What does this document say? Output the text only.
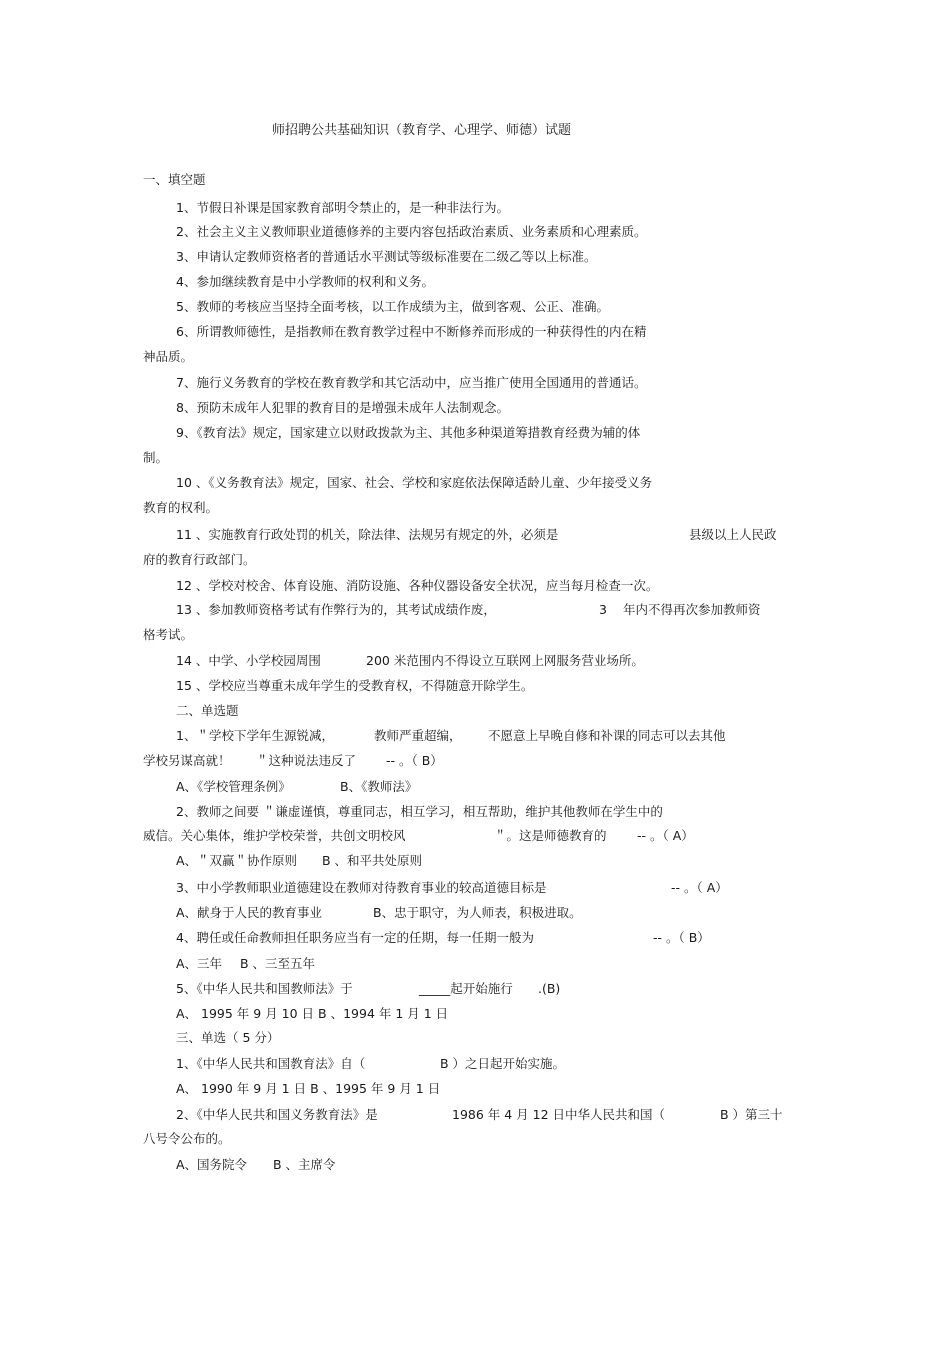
师招聘公共基础知识（教育学、心理学、师德）试题

一、填空题

1、节假日补课是国家教育部明令禁止的，是一种非法行为。

2、社会主义主义教师职业道德修养的主要内容包括政治素质、业务素质和心理素质。

3、申请认定教师资格者的普通话水平测试等级标准要在二级乙等以上标准。

4、参加继续教育是中小学教师的权利和义务。

5、教师的考核应当坚持全面考核，以工作成绩为主，做到客观、公正、准确。

6、所谓教师德性，是指教师在教育教学过程中不断修养而形成的一种获得性的内在精

神品质。

7、施行义务教育的学校在教育教学和其它活动中，应当推广使用全国通用的普通话。

8、预防未成年人犯罪的教育目的是增强未成年人法制观念。

9、《教育法》规定，国家建立以财政拨款为主、其他多种渠道筹措教育经费为辅的体

制。

10 、《义务教育法》规定，国家、社会、学校和家庭依法保障适龄儿童、少年接受义务

教育的权利。

11 、实施教育行政处罚的机关，除法律、法规另有规定的外，必须是	县级以上人民政

府的教育行政部门。

12 、学校对校舍、体育设施、消防设施、各种仪器设备安全状况，应当每月检查一次。

13 、参加教师资格考试有作弊行为的，其考试成绩作废，	3 年内不得再次参加教师资

格考试。

14 、中学、小学校园周围	200 米范围内不得设立互联网上网服务营业场所。

15 、学校应当尊重未成年学生的受教育权，不得随意开除学生。

二、单选题

1、＂学校下学年生源锐减，	教师严重超编， 不愿意上早晚自修和补课的同志可以去其他

学校另谋高就！ ＂这种说法违反了 -- 。（ B）

A、《学校管理条例》	B、《教师法》

2、教师之间要 ＂谦虚谨慎，尊重同志，相互学习，相互帮助，维护其他教师在学生中的

威信。关心集体，维护学校荣誉，共创文明校风	＂。这是师德教育的 -- 。（ A）

A、＂双赢＂协作原则 B 、和平共处原则

3、中小学教师职业道德建设在教师对待教育事业的较高道德目标是	-- 。（ A）

A、献身于人民的教育事业	B、忠于职守，为人师表，积极进取。

4、聘任或任命教师担任职务应当有一定的任期，每一任期一般为	-- 。（ B）

A、三年 B 、三至五年

5、《中华人民共和国教师法》于	_____起开始施行 .(B)

A、 1995 年 9 月 10 日 B 、1994 年 1 月 1 日

三、单选（ 5 分）

1、《中华人民共和国教育法》自（	B ）之日起开始实施。

A、 1990 年 9 月 1 日 B 、1995 年 9 月 1 日

2、《中华人民共和国义务教育法》是	1986 年 4 月 12 日中华人民共和国（	B ）第三十

八号令公布的。

A、国务院令 B 、主席令
